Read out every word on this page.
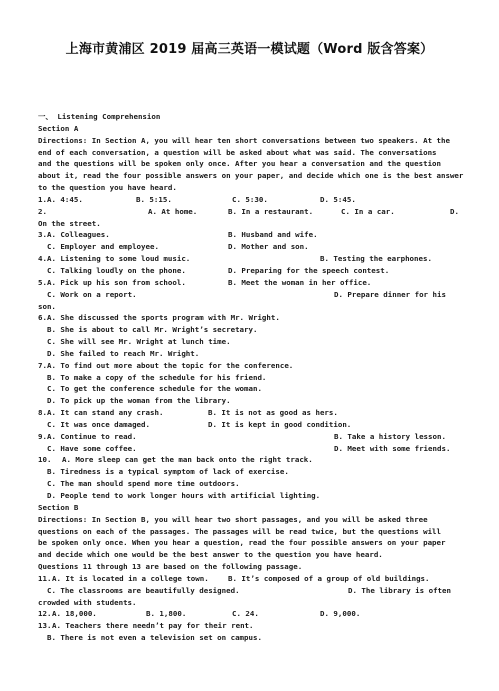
上海市黄浦区 2019 届高三英语一模试题（Word 版含答案）
一、 Listening Comprehension
Section A
Directions: In Section A, you will hear ten short conversations between two speakers. At the
end of each conversation, a question will be asked about what was said. The conversations
and the questions will be spoken only once. After you hear a conversation and the question
about it, read the four possible answers on your paper, and decide which one is the best answer
to the question you have heard.

1.

A. 4:45.

	B. 5:15.

	C. 5:30.

	D. 5:45.

2.

	A. At home.

	B. In a restaurant.

	C. In a car.

	D.

On the street.

3.

A. Colleagues.

	B. Husband and wife.

C. Employer and employee.

	D. Mother and son.

4.

A. Listening to some loud music.

	B. Testing the earphones.

C. Talking loudly on the phone.

	D. Preparing for the speech contest.

5.

A. Pick up his son from school.

	B. Meet the woman in her office.

C. Work on a report.

	D. Prepare dinner for his

son.

6.

A. She discussed the sports program with Mr. Wright.

B. She is about to call Mr. Wright’s secretary.
C. She will see Mr. Wright at lunch time.
D. She failed to reach Mr. Wright.

7.

A. To find out more about the topic for the conference.

B. To make a copy of the schedule for his friend.
C. To get the conference schedule for the woman.
D. To pick up the woman from the library.

8.

A. It can stand any crash.

	B. It is not as good as hers.

C. It was once damaged.

	D. It is kept in good condition.

9.

A. Continue to read.

	B. Take a history lesson.

C. Have some coffee.

	D. Meet with some friends.

10.

A. More sleep can get the man back onto the right track.

B. Tiredness is a typical symptom of lack of exercise.
C. The man should spend more time outdoors.
D. People tend to work longer hours with artificial lighting.
Section B
Directions: In Section B, you will hear two short passages, and you will be asked three
questions on each of the passages. The passages will be read twice, but the questions will
be spoken only once. When you hear a question, read the four possible answers on your paper
and decide which one would be the best answer to the question you have heard.
Questions 11 through 13 are based on the following passage.

11.

A. It is located in a college town.

	B. It’s composed of a group of old buildings.

C. The classrooms are beautifully designed.

	D. The library is often

crowded with students.

12.

A. 18,000.

	B. 1,800.

	C. 24.

	D. 9,000.

13.

A. Teachers there needn’t pay for their rent.

B. There is not even a television set on campus.
